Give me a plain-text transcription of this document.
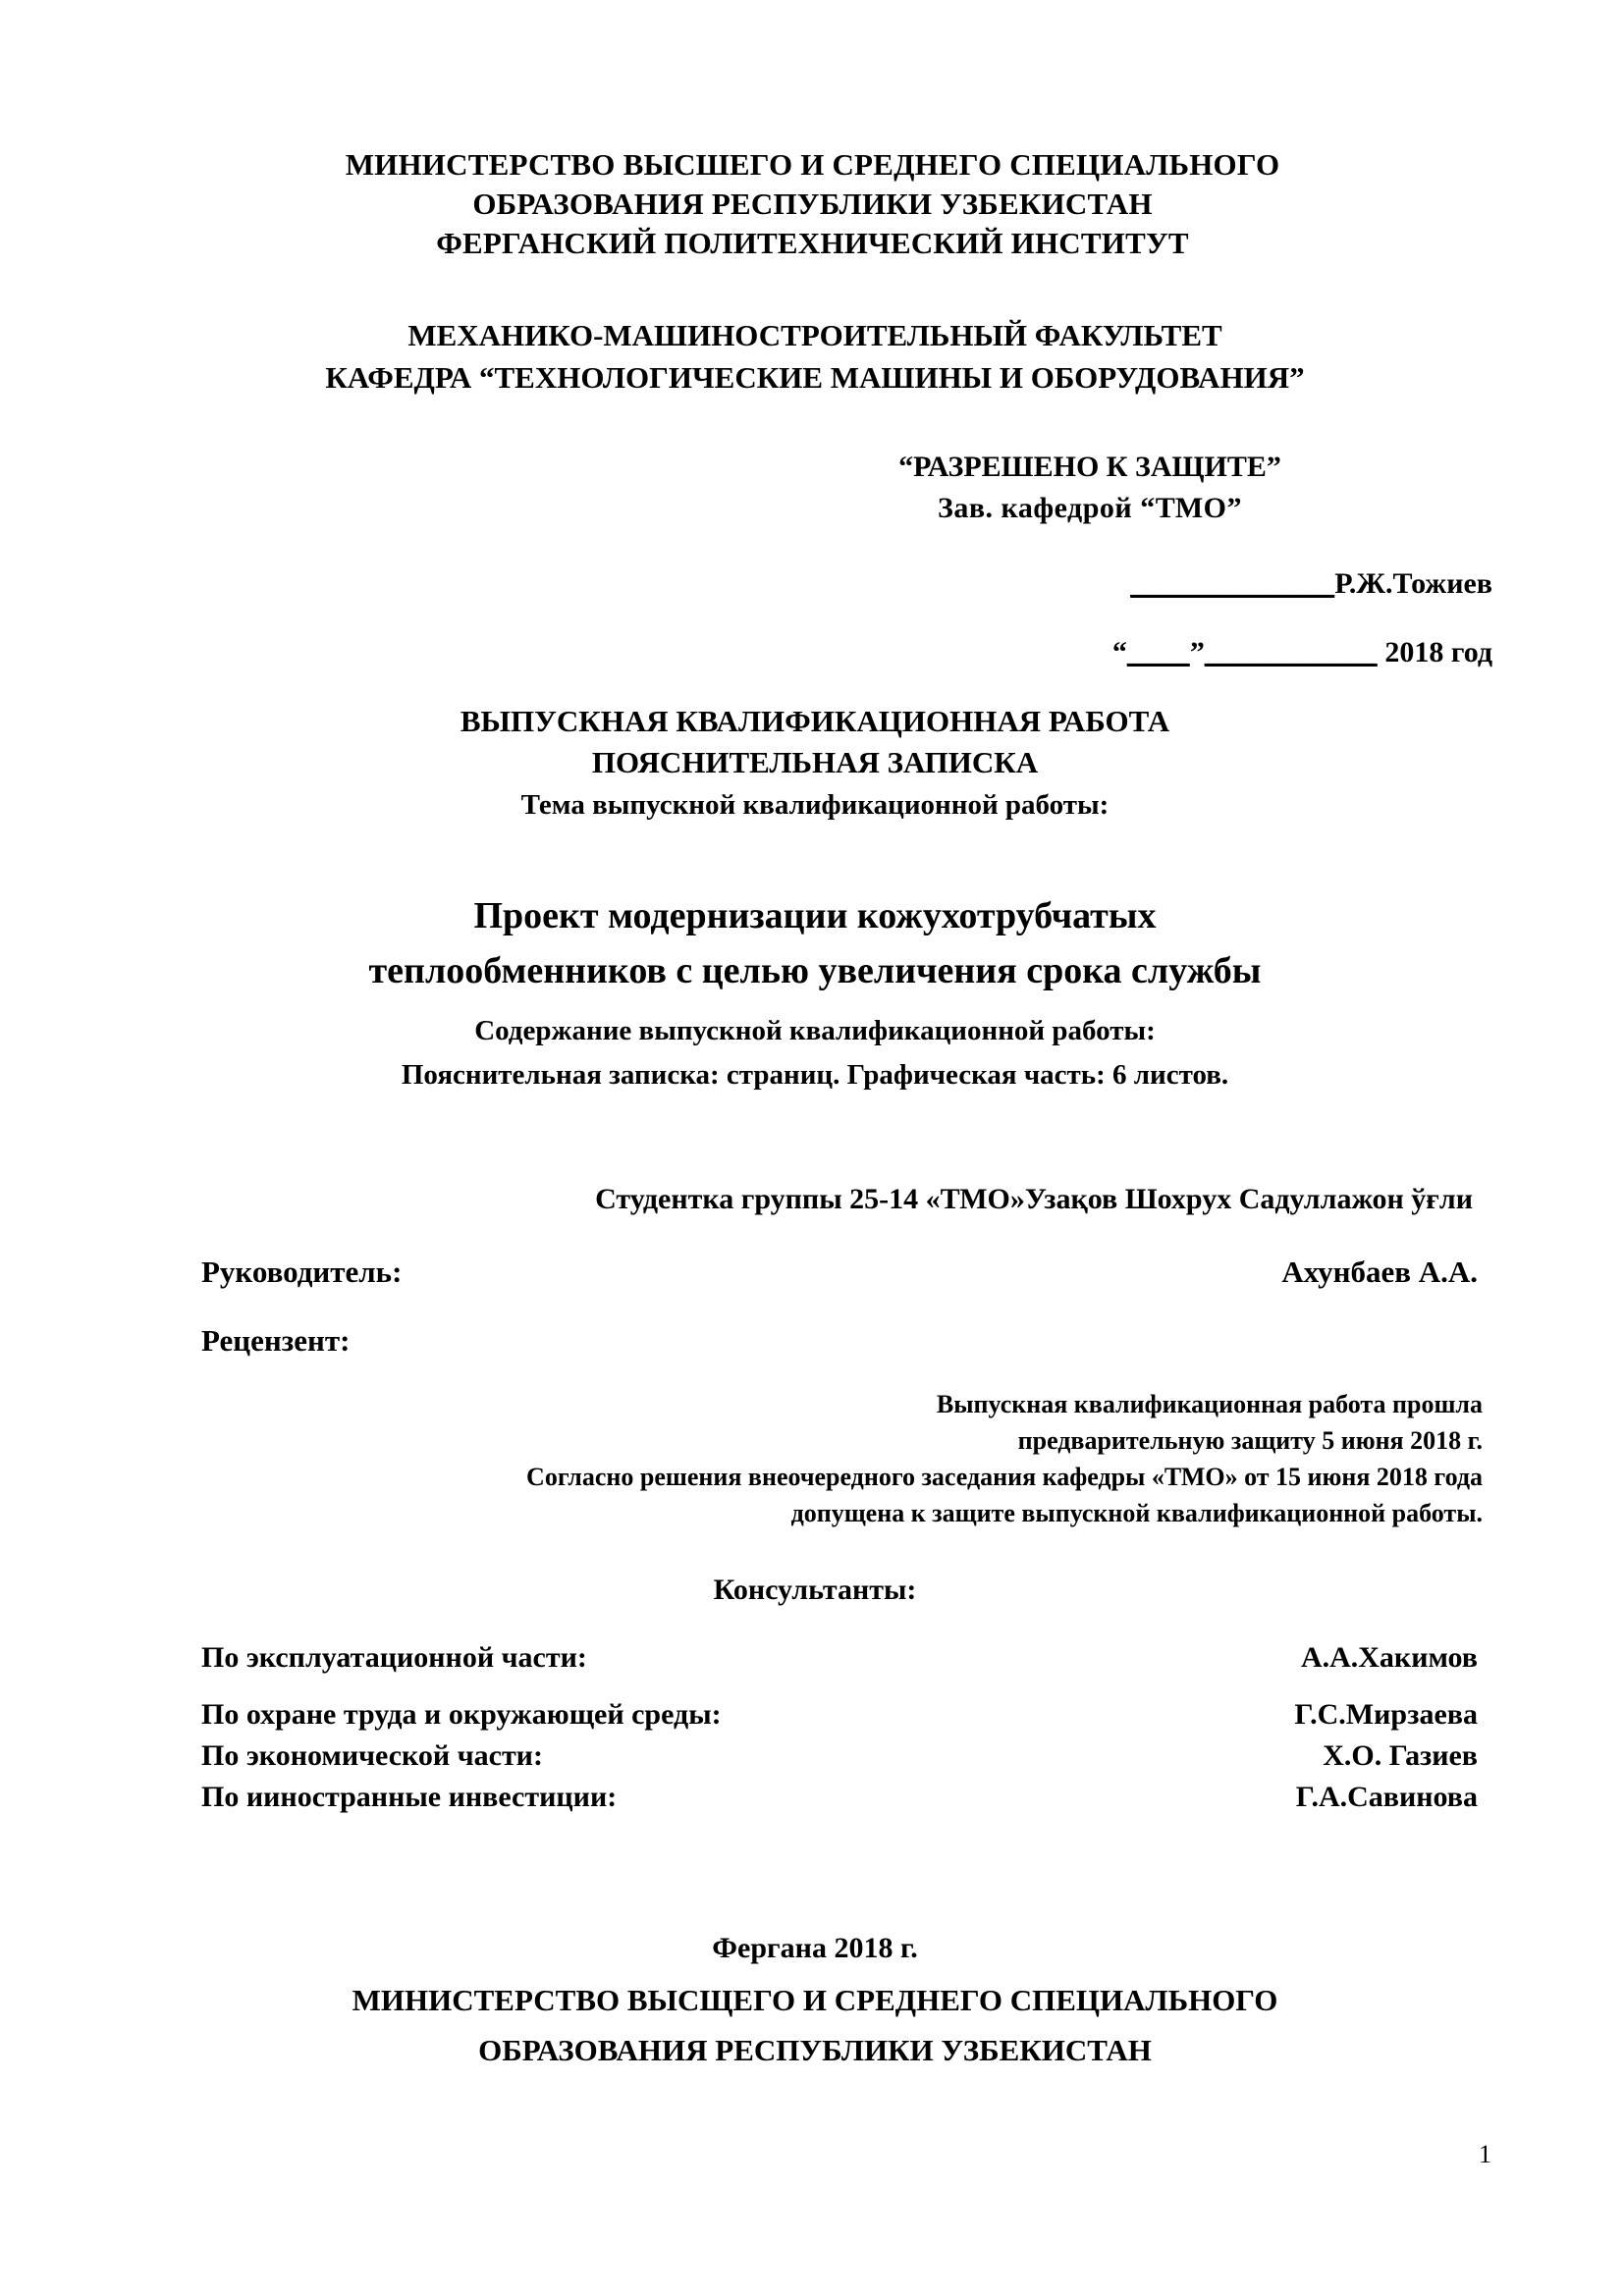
МИНИСТЕРСТВО ВЫСШЕГО И СРЕДНЕГО СПЕЦИАЛЬНОГО
ОБРАЗОВАНИЯ РЕСПУБЛИКИ УЗБЕКИСТАН
ФЕРГАНСКИЙ ПОЛИТЕХНИЧЕСКИЙ ИНСТИТУТ
МЕХАНИКО-МАШИНОСТРОИТЕЛЬНЫЙ ФАКУЛЬТЕТ
КАФЕДРА “ТЕХНОЛОГИЧЕСКИЕ МАШИНЫ И ОБОРУДОВАНИЯ”
“РАЗРЕШЕНО К ЗАЩИТЕ”
Зав. кафедрой “ТМО”
_____________Р.Ж.Тожиев
“____”___________ 2018 год
ВЫПУСКНАЯ КВАЛИФИКАЦИОННАЯ РАБОТА
ПОЯСНИТЕЛЬНАЯ ЗАПИСКА
Тема выпускной квалификационной работы:
Проект модернизации кожухотрубчатых
теплообменников с целью увеличения срока службы
Содержание выпускной квалификационной работы:
Пояснительная записка: страниц. Графическая часть: 6 листов.
Студентка группы 25-14 «ТМО»Узақов Шохрух Садуллажон ўғли
Руководитель:	Ахунбаев А.А.
Рецензент:
Выпускная квалификационная работа прошла
предварительную защиту 5 июня 2018 г.
Согласно решения внеочередного заседания кафедры «ТМО» от 15 июня 2018 года
допущена к защите выпускной квалификационной работы.
Консультанты:
По эксплуатационной части:	А.А.Хакимов
По охране труда и окружающей среды:	Г.С.Мирзаева
По экономической части:	Х.О. Газиев
По ииностранные инвестиции:	Г.А.Савинова
Фергана 2018 г.
МИНИСТЕРСТВО ВЫСЩЕГО И СРЕДНЕГО СПЕЦИАЛЬНОГО
ОБРАЗОВАНИЯ РЕСПУБЛИКИ УЗБЕКИСТАН
1
